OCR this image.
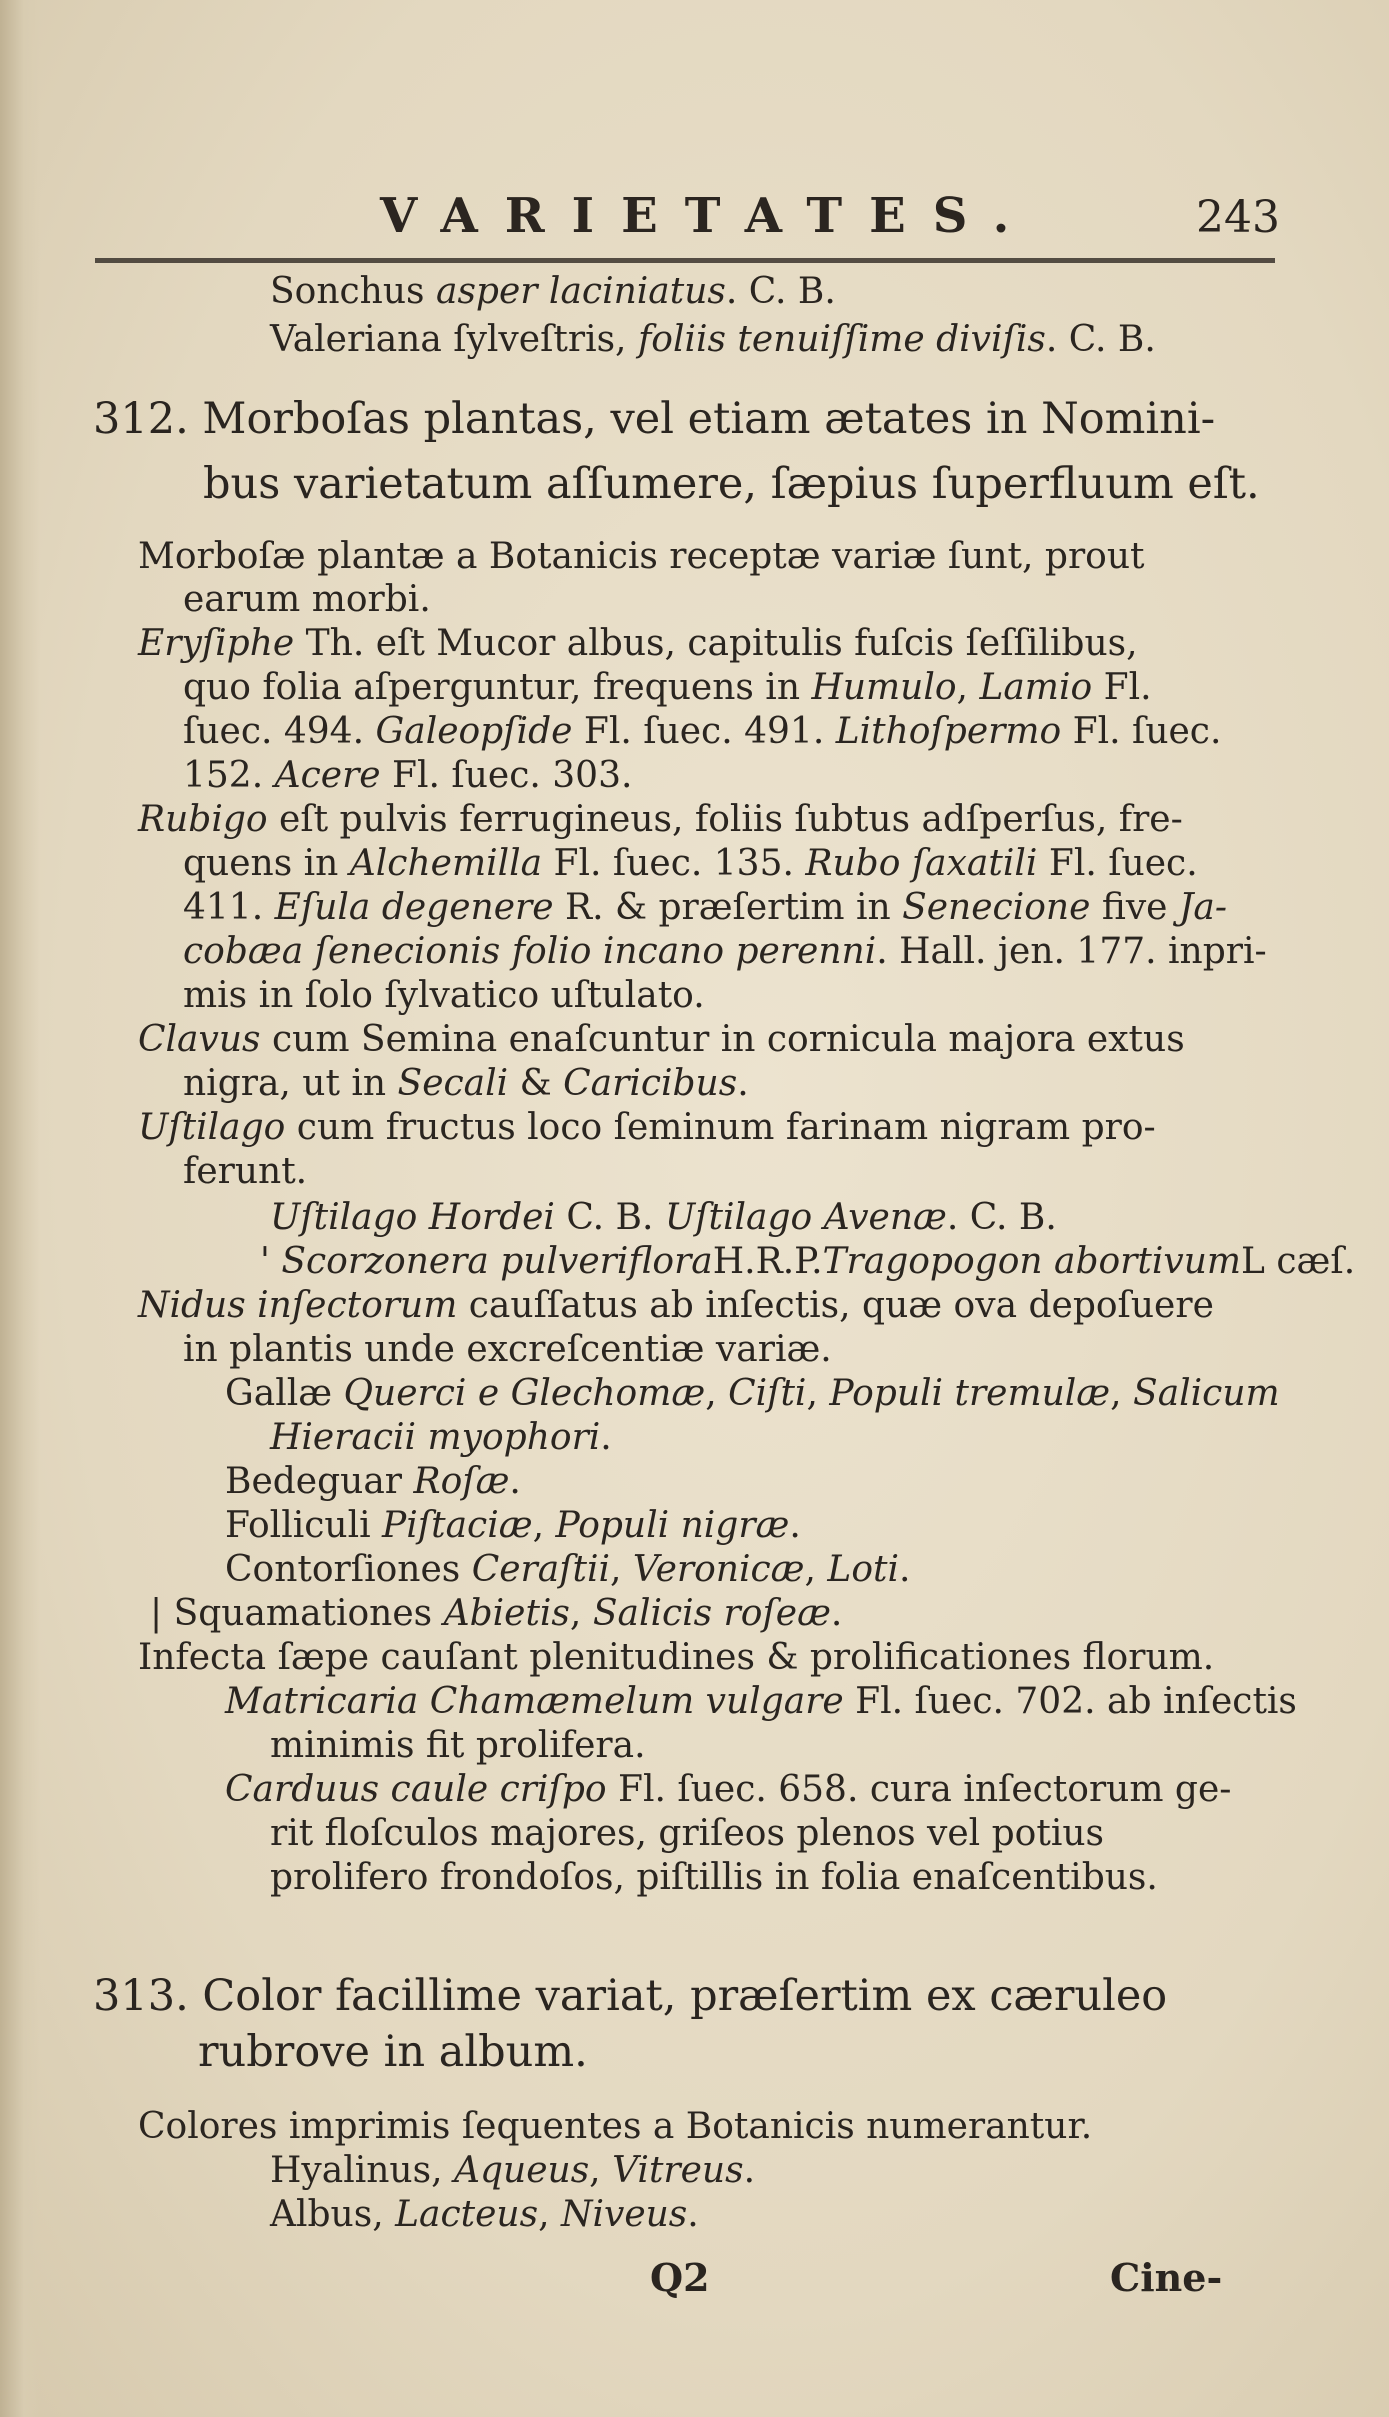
VARIETATES.	243
Sonchus asper laciniatus. C. B.
Valeriana ſylveſtris, foliis tenuiſſime diviſis. C. B.
312. Morboſas plantas, vel etiam ætates in Nomini-
bus varietatum aſſumere, ſæpius ſuperfluum eſt.
Morboſæ plantæ a Botanicis receptæ variæ ſunt, prout
earum morbi.
Eryſiphe Th. eſt Mucor albus, capitulis fuſcis ſeſſilibus,
quo folia aſperguntur, frequens in Humulo, Lamio Fl.
ſuec. 494. Galeopſide Fl. ſuec. 491. Lithoſpermo Fl. ſuec.
152. Acere Fl. ſuec. 303.
Rubigo eſt pulvis ferrugineus, foliis ſubtus adſperſus, fre-
quens in Alchemilla Fl. ſuec. 135. Rubo ſaxatili Fl. ſuec.
411. Eſula degenere R. & præſertim in Senecione five Ja-
cobæa ſenecionis folio incano perenni. Hall. jen. 177. inpri-
mis in ſolo ſylvatico uſtulato.
Clavus cum Semina enaſcuntur in cornicula majora extus
nigra, ut in Secali & Caricibus.
Uſtilago cum fructus loco ſeminum farinam nigram pro-
ferunt.
Uſtilago Hordei C. B. Uſtilago Avenæ. C. B.
' Scorzonera pulverifloraH.R.P.Tragopogon abortivumL cæſ.
Nidus inſectorum cauſſatus ab inſectis, quæ ova depoſuere
in plantis unde excreſcentiæ variæ.
Gallæ Querci e Glechomæ, Ciſti, Populi tremulæ, Salicum
Hieracii myophori.
Bedeguar Roſæ.
Folliculi Piſtaciæ, Populi nigræ.
Contorſiones Ceraſtii, Veronicæ, Loti.
| Squamationes Abietis, Salicis roſeæ.
Infecta ſæpe cauſant plenitudines & prolificationes florum.
Matricaria Chamæmelum vulgare Fl. ſuec. 702. ab inſectis
minimis fit prolifera.
Carduus caule criſpo Fl. ſuec. 658. cura inſectorum ge-
rit floſculos majores, griſeos plenos vel potius
prolifero frondoſos, piſtillis in folia enaſcentibus.
313. Color facillime variat, præſertim ex cæruleo
rubrove in album.
Colores imprimis ſequentes a Botanicis numerantur.
Hyalinus, Aqueus, Vitreus.
Albus, Lacteus, Niveus.
Q2	Cine-
